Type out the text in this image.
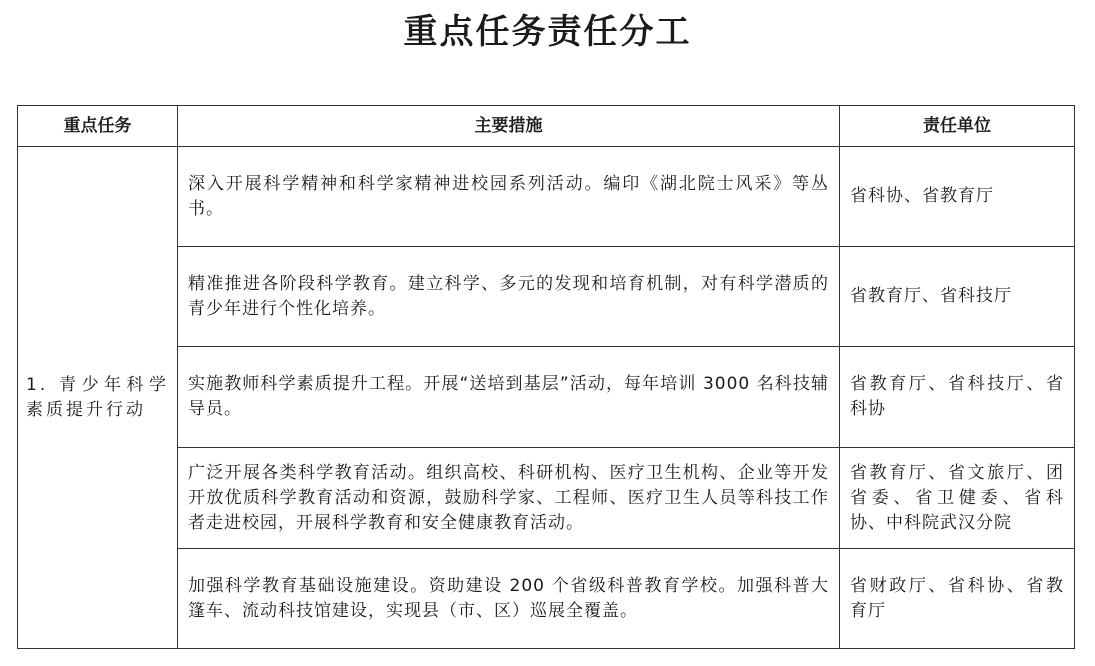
重点任务责任分工
重点任务	主要措施	责任单位
1. 青少年科学素质提升行动	深入开展科学精神和科学家精神进校园系列活动。编印《湖北院士风采》等丛书。	省科协、省教育厅
	精准推进各阶段科学教育。建立科学、多元的发现和培育机制，对有科学潜质的青少年进行个性化培养。	省教育厅、省科技厅
	实施教师科学素质提升工程。开展“送培到基层”活动，每年培训 3000 名科技辅导员。	省教育厅、省科技厅、省科协
	广泛开展各类科学教育活动。组织高校、科研机构、医疗卫生机构、企业等开发开放优质科学教育活动和资源，鼓励科学家、工程师、医疗卫生人员等科技工作者走进校园，开展科学教育和安全健康教育活动。	省教育厅、省文旅厅、团省委、省卫健委、省科协、中科院武汉分院
	加强科学教育基础设施建设。资助建设 200 个省级科普教育学校。加强科普大篷车、流动科技馆建设，实现县（市、区）巡展全覆盖。	省财政厅、省科协、省教育厅
